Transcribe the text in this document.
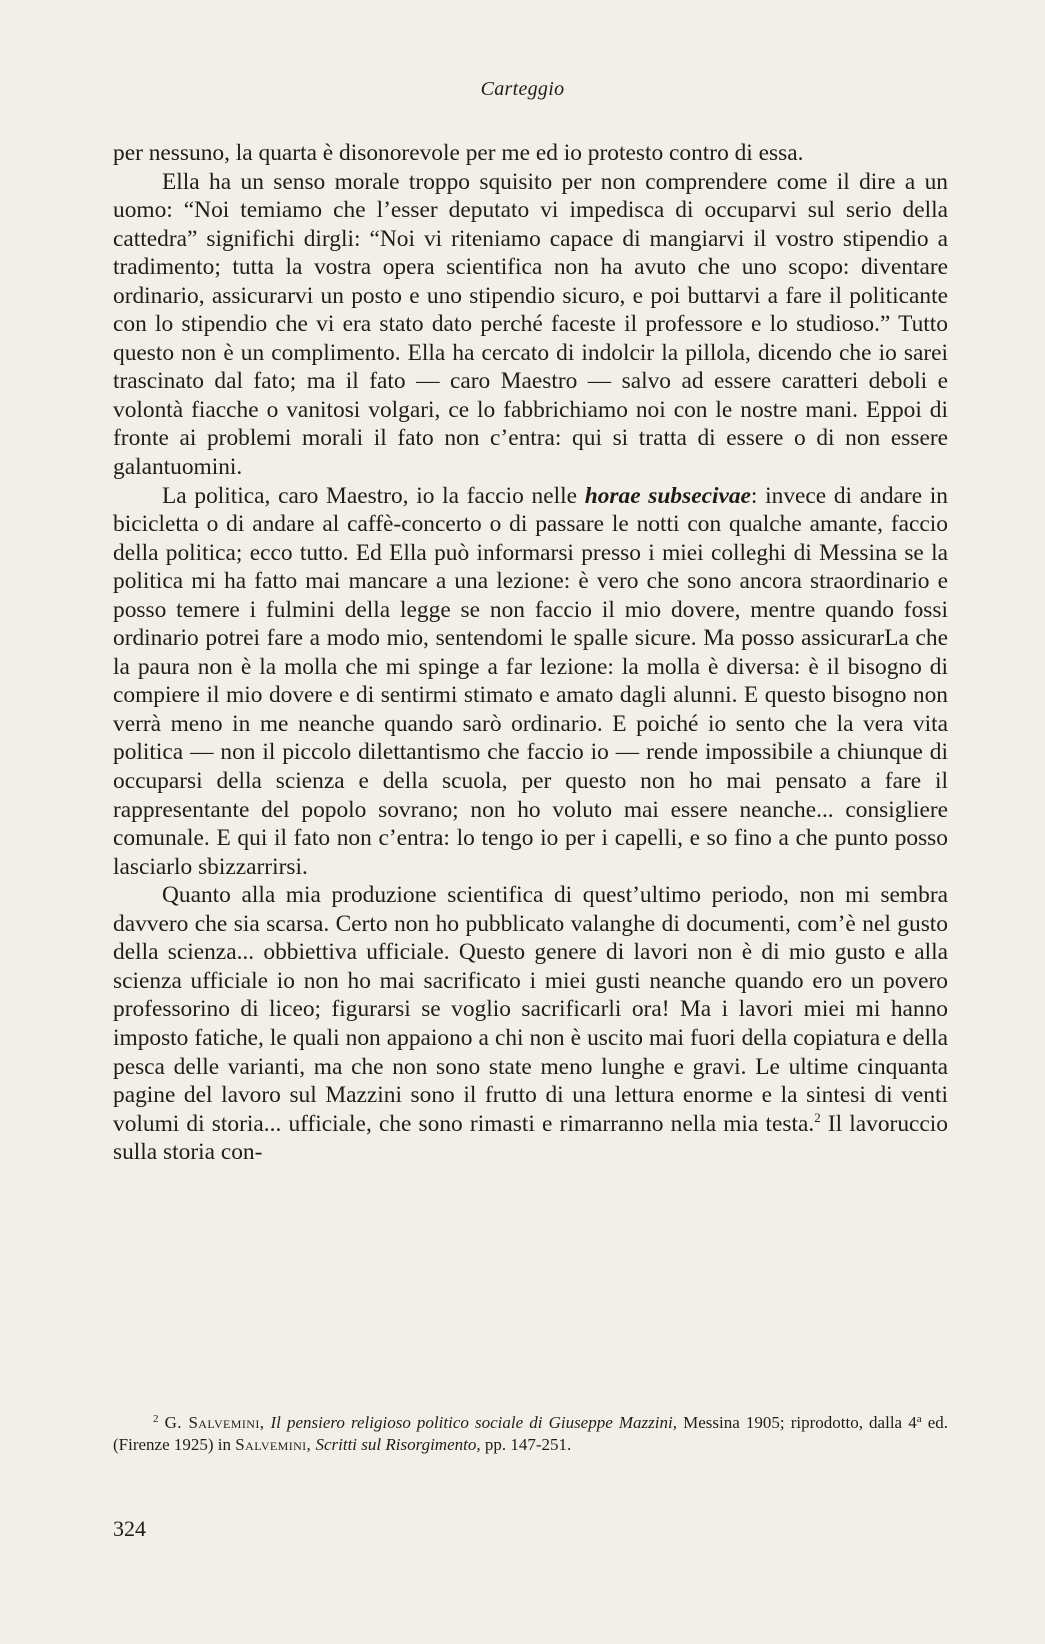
Carteggio

per nessuno, la quarta è disonorevole per me ed io protesto contro di essa.

Ella ha un senso morale troppo squisito per non comprendere come il dire a un uomo: “Noi temiamo che l’esser deputato vi impedisca di occuparvi sul serio della cattedra” significhi dirgli: “Noi vi riteniamo capace di mangiarvi il vostro stipendio a tradimento; tutta la vostra opera scientifica non ha avuto che uno scopo: diventare ordinario, assicurarvi un posto e uno stipendio sicuro, e poi buttarvi a fare il politicante con lo stipendio che vi era stato dato perché faceste il professore e lo studioso.” Tutto questo non è un complimento. Ella ha cercato di indolcir la pillola, dicendo che io sarei trascinato dal fato; ma il fato — caro Maestro — salvo ad essere caratteri deboli e volontà fiacche o vanitosi volgari, ce lo fabbrichiamo noi con le nostre mani. Eppoi di fronte ai problemi morali il fato non c’entra: qui si tratta di essere o di non essere galantuomini.

La politica, caro Maestro, io la faccio nelle horae subsecivae: invece di andare in bicicletta o di andare al caffè-concerto o di passare le notti con qualche amante, faccio della politica; ecco tutto. Ed Ella può informarsi presso i miei colleghi di Messina se la politica mi ha fatto mai mancare a una lezione: è vero che sono ancora straordinario e posso temere i fulmini della legge se non faccio il mio dovere, mentre quando fossi ordinario potrei fare a modo mio, sentendomi le spalle sicure. Ma posso assicurarLa che la paura non è la molla che mi spinge a far lezione: la molla è diversa: è il bisogno di compiere il mio dovere e di sentirmi stimato e amato dagli alunni. E questo bisogno non verrà meno in me neanche quando sarò ordinario. E poiché io sento che la vera vita politica — non il piccolo dilettantismo che faccio io — rende impossibile a chiunque di occuparsi della scienza e della scuola, per questo non ho mai pensato a fare il rappresentante del popolo sovrano; non ho voluto mai essere neanche... consigliere comunale. E qui il fato non c’entra: lo tengo io per i capelli, e so fino a che punto posso lasciarlo sbizzarrirsi.

Quanto alla mia produzione scientifica di quest’ultimo periodo, non mi sembra davvero che sia scarsa. Certo non ho pubblicato valanghe di documenti, com’è nel gusto della scienza... obbiettiva ufficiale. Questo genere di lavori non è di mio gusto e alla scienza ufficiale io non ho mai sacrificato i miei gusti neanche quando ero un povero professorino di liceo; figurarsi se voglio sacrificarli ora! Ma i lavori miei mi hanno imposto fatiche, le quali non appaiono a chi non è uscito mai fuori della copiatura e della pesca delle varianti, ma che non sono state meno lunghe e gravi. Le ultime cinquanta pagine del lavoro sul Mazzini sono il frutto di una lettura enorme e la sintesi di venti volumi di storia... ufficiale, che sono rimasti e rimarranno nella mia testa.$^2$ Il lavoruccio sulla storia con-

$^2$ G. Salvemini, Il pensiero religioso politico sociale di Giuseppe Mazzini, Messina 1905; riprodotto, dalla 4$^a$ ed. (Firenze 1925) in Salvemini, Scritti sul Risorgimento, pp. 147-251.

324
